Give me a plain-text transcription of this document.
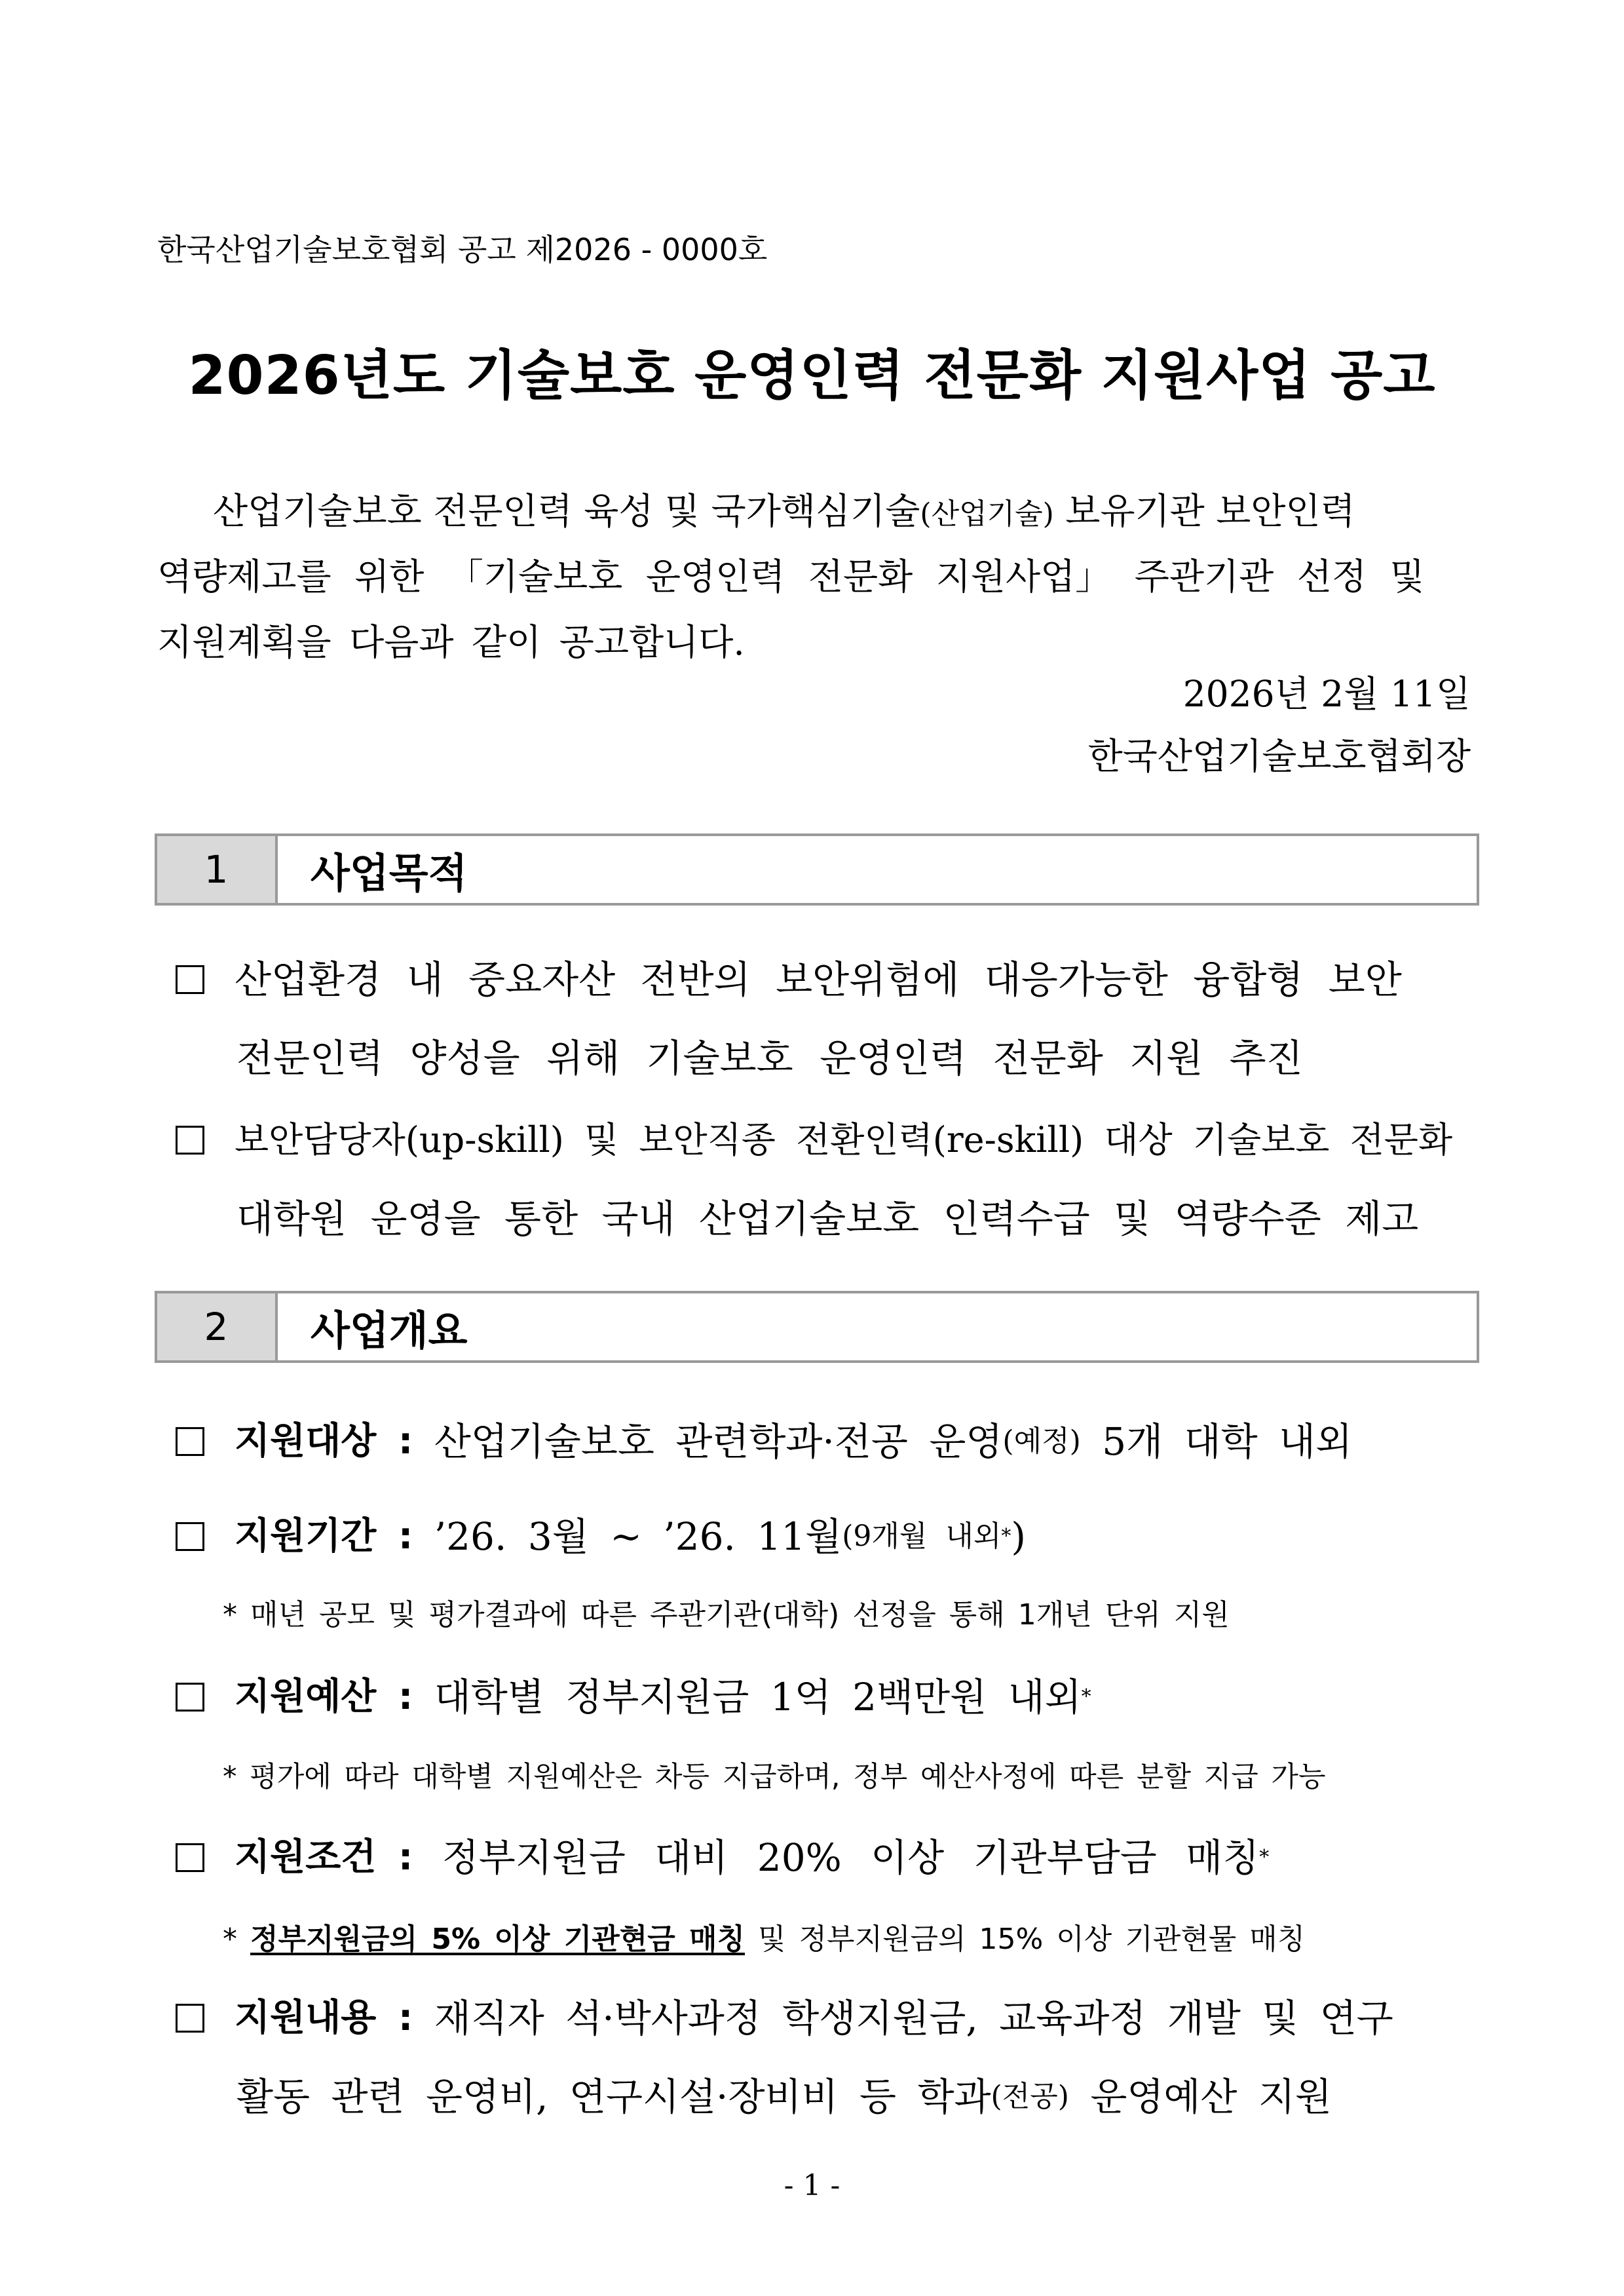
한국산업기술보호협회 공고 제2026 - 0000호
2026년도 기술보호 운영인력 전문화 지원사업 공고
산업기술보호 전문인력 육성 및 국가핵심기술(산업기술) 보유기관 보안인력
역량제고를 위한 「기술보호 운영인력 전문화 지원사업」 주관기관 선정 및
지원계획을 다음과 같이 공고합니다.
2026년 2월 11일
한국산업기술보호협회장
1	사업목적
산업환경 내 중요자산 전반의 보안위험에 대응가능한 융합형 보안
전문인력 양성을 위해 기술보호 운영인력 전문화 지원 추진
보안담당자(up-skill) 및 보안직종 전환인력(re-skill) 대상 기술보호 전문화
대학원 운영을 통한 국내 산업기술보호 인력수급 및 역량수준 제고
2	사업개요
지원대상 :
산업기술보호 관련학과·전공 운영 (예정)
5개 대학 내외
지원기간 :
’26. 3월 ~ ’26. 11월 (9개월 내외 * )
* 매년 공모 및 평가결과에 따른 주관기관(대학) 선정을 통해 1개년 단위 지원
지원예산 :
대학별 정부지원금 1억 2백만원 내외 *
* 평가에 따라 대학별 지원예산은 차등 지급하며, 정부 예산사정에 따른 분할 지급 가능
지원조건 :
정부지원금 대비 20% 이상 기관부담금 매칭 *
* 정부지원금의 5% 이상 기관현금 매칭 및 정부지원금의 15% 이상 기관현물 매칭
지원내용 :
재직자 석·박사과정 학생지원금, 교육과정 개발 및 연구
활동 관련 운영비, 연구시설·장비비 등 학과 (전공)
운영예산 지원
- 1 -
